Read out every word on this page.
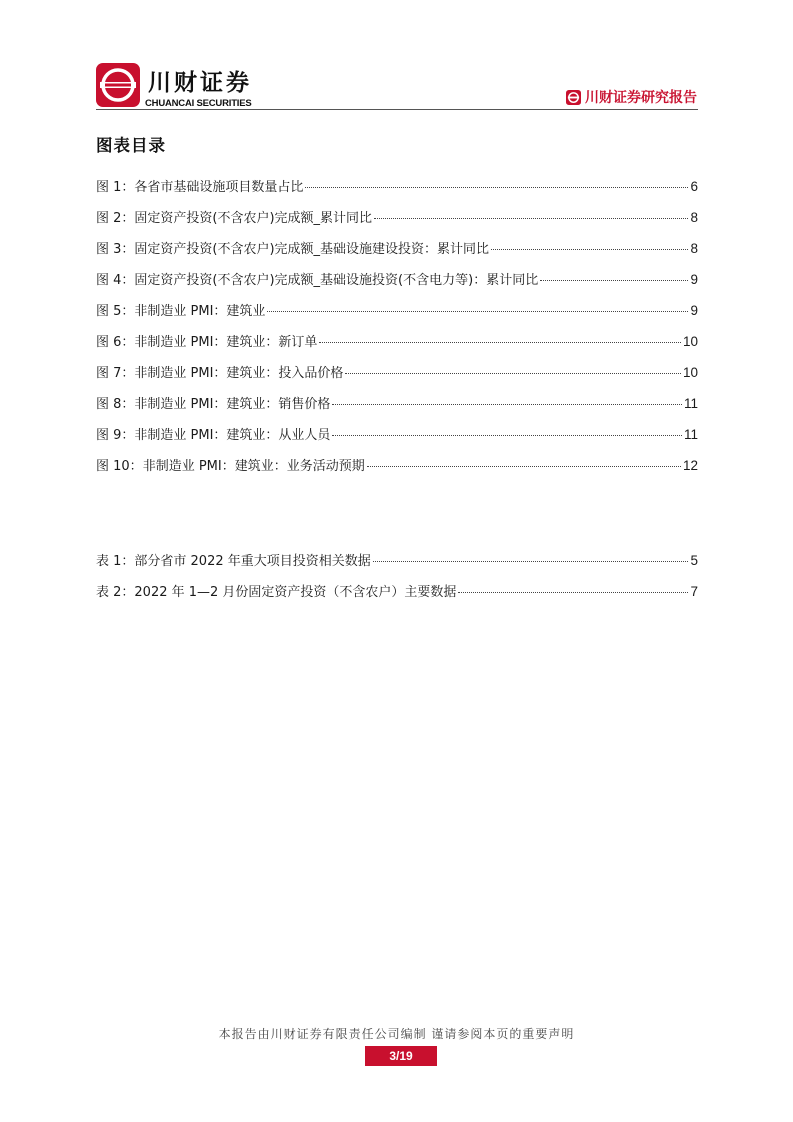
川财证券
CHUANCAI SECURITIES	川财证券研究报告
图表目录
图 1： 各省市基础设施项目数量占比	6
图 2： 固定资产投资(不含农户)完成额_累计同比	8
图 3： 固定资产投资(不含农户)完成额_基础设施建设投资：累计同比	8
图 4： 固定资产投资(不含农户)完成额_基础设施投资(不含电力等)：累计同比	9
图 5： 非制造业 PMI：建筑业	9
图 6： 非制造业 PMI：建筑业：新订单	10
图 7： 非制造业 PMI：建筑业：投入品价格	10
图 8： 非制造业 PMI：建筑业：销售价格	11
图 9： 非制造业 PMI：建筑业：从业人员	11
图 10： 非制造业 PMI：建筑业：业务活动预期	12
表 1： 部分省市 2022 年重大项目投资相关数据	5
表 2： 2022 年 1—2 月份固定资产投资（不含农户）主要数据	7
本报告由川财证券有限责任公司编制 谨请参阅本页的重要声明
3/19
